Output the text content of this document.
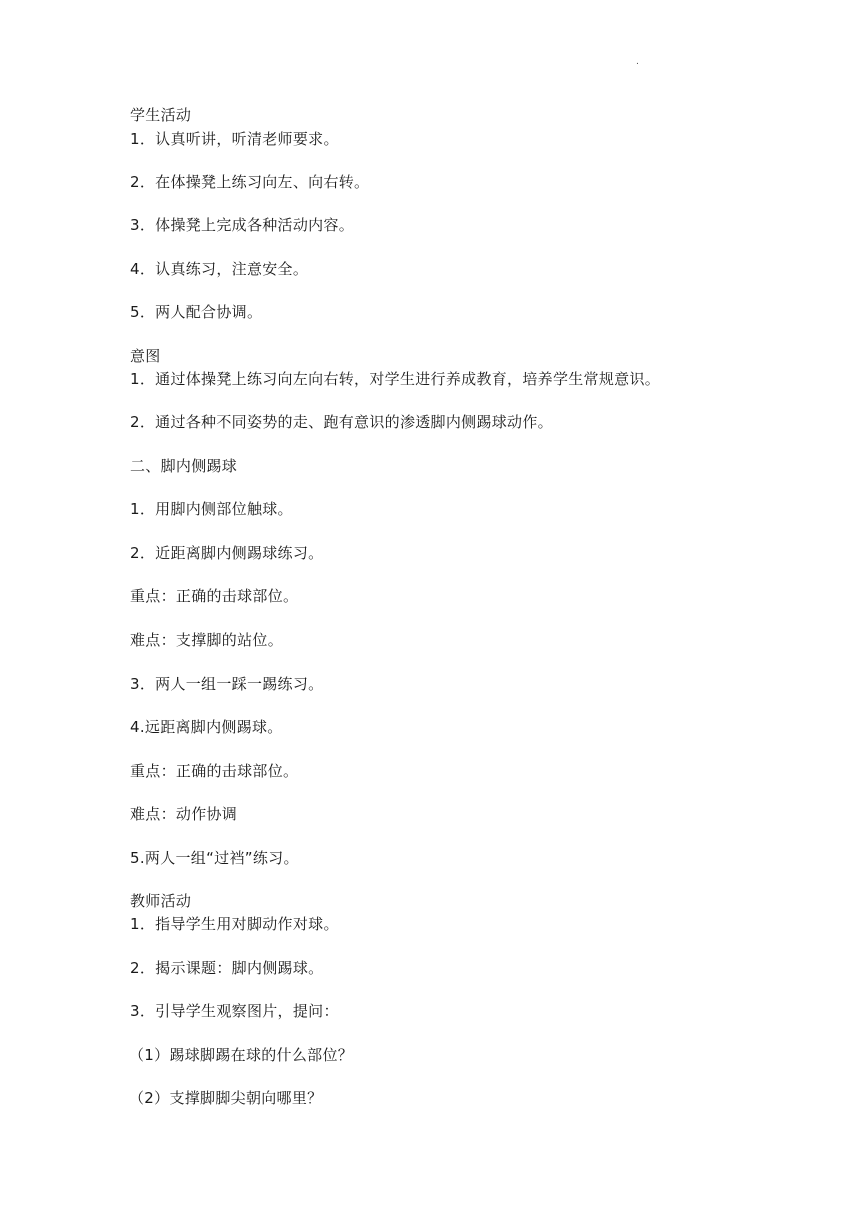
.
学生活动
1．认真听讲，听清老师要求。
2．在体操凳上练习向左、向右转。
3．体操凳上完成各种活动内容。
4．认真练习，注意安全。
5．两人配合协调。
意图
1．通过体操凳上练习向左向右转，对学生进行养成教育，培养学生常规意识。
2．通过各种不同姿势的走、跑有意识的渗透脚内侧踢球动作。
二、脚内侧踢球
1．用脚内侧部位触球。
2．近距离脚内侧踢球练习。
重点：正确的击球部位。
难点：支撑脚的站位。
3．两人一组一踩一踢练习。
4.远距离脚内侧踢球。
重点：正确的击球部位。
难点：动作协调
5.两人一组“过裆”练习。
教师活动
1．指导学生用对脚动作对球。
2．揭示课题：脚内侧踢球。
3．引导学生观察图片，提问：
（1）踢球脚踢在球的什么部位？
（2）支撑脚脚尖朝向哪里？
